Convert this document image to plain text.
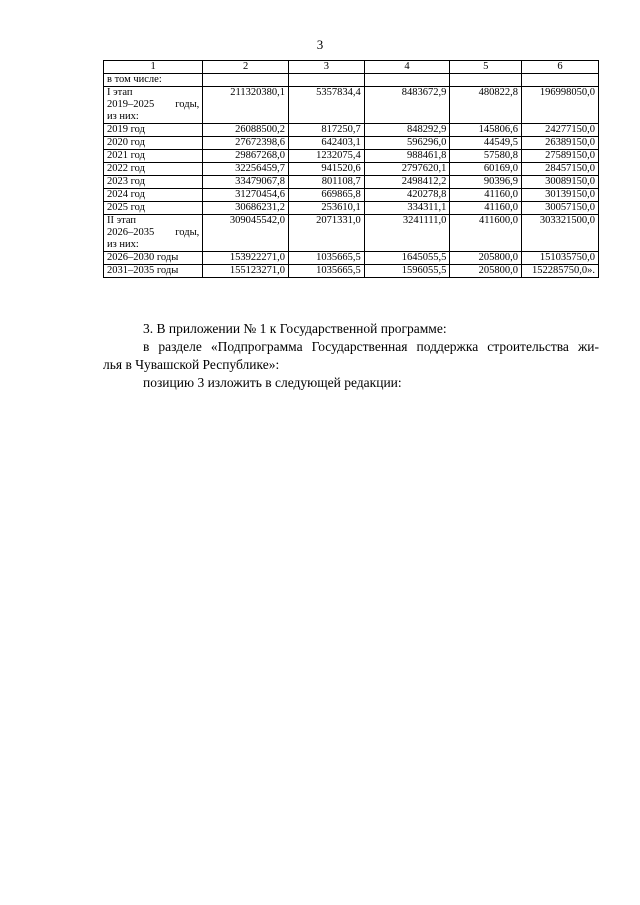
3
1	2	3	4	5	6
в том числе:					

I этап
2019–2025 годы,
из них:	211320380,1	5357834,4	8483672,9	480822,8	196998050,0
2019 год	26088500,2	817250,7	848292,9	145806,6	24277150,0
2020 год	27672398,6	642403,1	596296,0	44549,5	26389150,0
2021 год	29867268,0	1232075,4	988461,8	57580,8	27589150,0
2022 год	32256459,7	941520,6	2797620,1	60169,0	28457150,0
2023 год	33479067,8	801108,7	2498412,2	90396,9	30089150,0
2024 год	31270454,6	669865,8	420278,8	41160,0	30139150,0
2025 год	30686231,2	253610,1	334311,1	41160,0	30057150,0

II этап
2026–2035 годы,
из них:	309045542,0	2071331,0	3241111,0	411600,0	303321500,0
2026–2030 годы	153922271,0	1035665,5	1645055,5	205800,0	151035750,0
2031–2035 годы	155123271,0	1035665,5	1596055,5	205800,0	152285750,0».

3. В приложении № 1 к Государственной программе:

в разделе «Подпрограмма Государственная поддержка строительства жи-

лья в Чувашской Республике»:

позицию 3 изложить в следующей редакции:
